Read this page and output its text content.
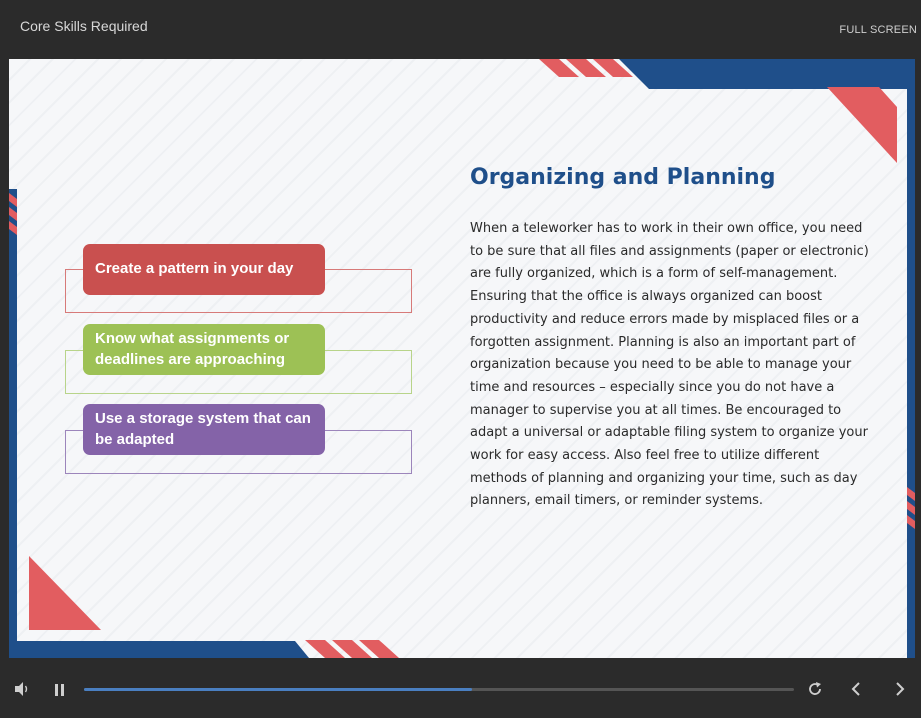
Core Skills Required	FULL SCREEN
Create a pattern in your day
Know what assignments or deadlines are approaching
Use a storage system that can be adapted
Organizing and Planning

When a teleworker has to work in their own office, you need to be sure that all files and assignments (paper or electronic) are fully organized, which is a form of self-management. Ensuring that the office is always organized can boost productivity and reduce errors made by misplaced files or a forgotten assignment. Planning is also an important part of organization because you need to be able to manage your time and resources – especially since you do not have a manager to supervise you at all times. Be encouraged to adapt a universal or adaptable filing system to organize your work for easy access. Also feel free to utilize different methods of planning and organizing your time, such as day planners, email timers, or reminder systems.
